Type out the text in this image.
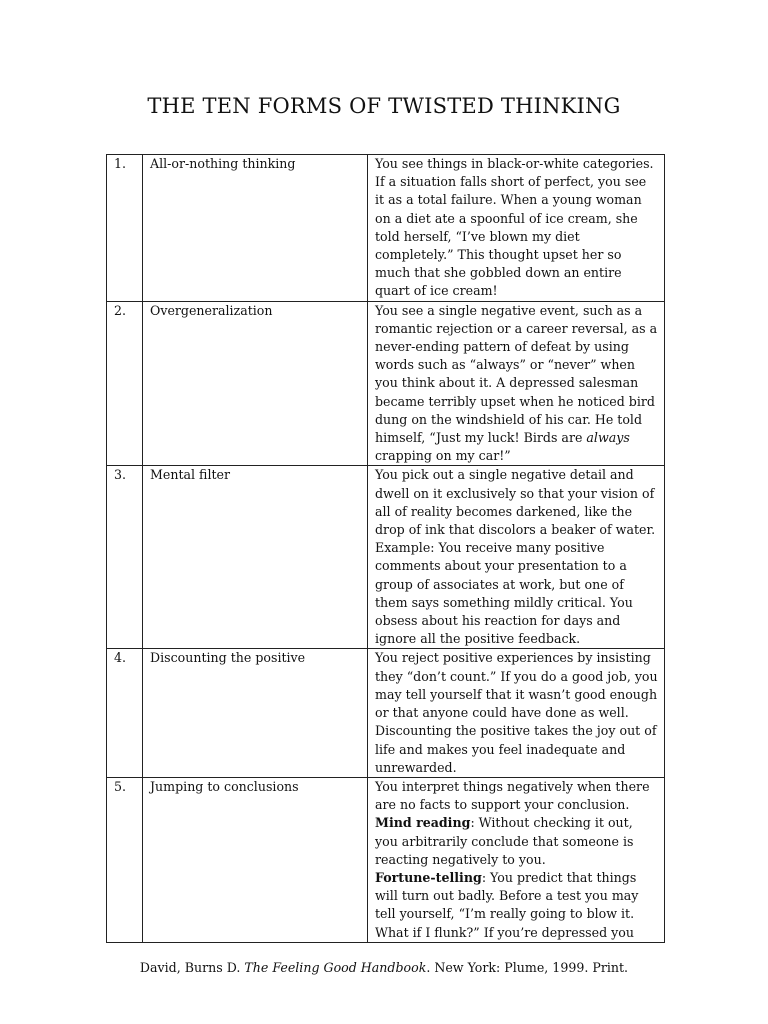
THE TEN FORMS OF TWISTED THINKING
1.	All-or-nothing thinking	You see things in black-or-white categories. If a situation falls short of perfect, you see it as a total failure. When a young woman on a diet ate a spoonful of ice cream, she told herself, “I’ve blown my diet completely.” This thought upset her so much that she gobbled down an entire quart of ice cream!
2.	Overgeneralization	You see a single negative event, such as a romantic rejection or a career reversal, as a never-ending pattern of defeat by using words such as “always” or “never” when you think about it. A depressed salesman became terribly upset when he noticed bird dung on the windshield of his car. He told himself, “Just my luck! Birds are always crapping on my car!”
3.	Mental filter	You pick out a single negative detail and dwell on it exclusively so that your vision of all of reality becomes darkened, like the drop of ink that discolors a beaker of water. Example: You receive many positive comments about your presentation to a group of associates at work, but one of them says something mildly critical. You obsess about his reaction for days and ignore all the positive feedback.
4.	Discounting the positive	You reject positive experiences by insisting they “don’t count.” If you do a good job, you may tell yourself that it wasn’t good enough or that anyone could have done as well. Discounting the positive takes the joy out of life and makes you feel inadequate and unrewarded.
5.	Jumping to conclusions	You interpret things negatively when there are no facts to support your conclusion.
Mind reading: Without checking it out, you arbitrarily conclude that someone is reacting negatively to you.
Fortune-telling: You predict that things will turn out badly. Before a test you may tell yourself, “I’m really going to blow it. What if I flunk?” If you’re depressed you
David, Burns D. The Feeling Good Handbook. New York: Plume, 1999. Print.
